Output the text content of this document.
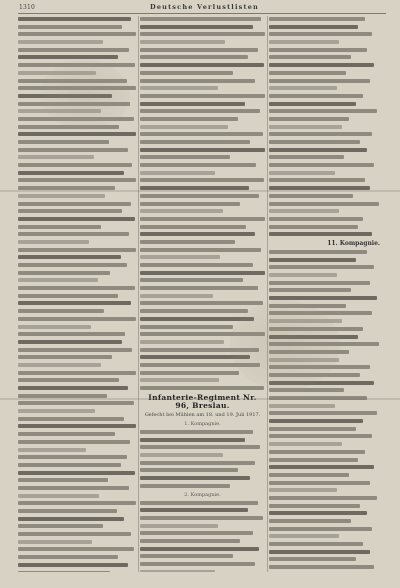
1310	Deutsche Verlustlisten
Infanterie-Regiment Nr. 96, Breslau.
Gefecht bei Mühlen am 18. und 19. Juli 1917.
1. Kompagnie.
2. Kompagnie.
11. Kompagnie.
